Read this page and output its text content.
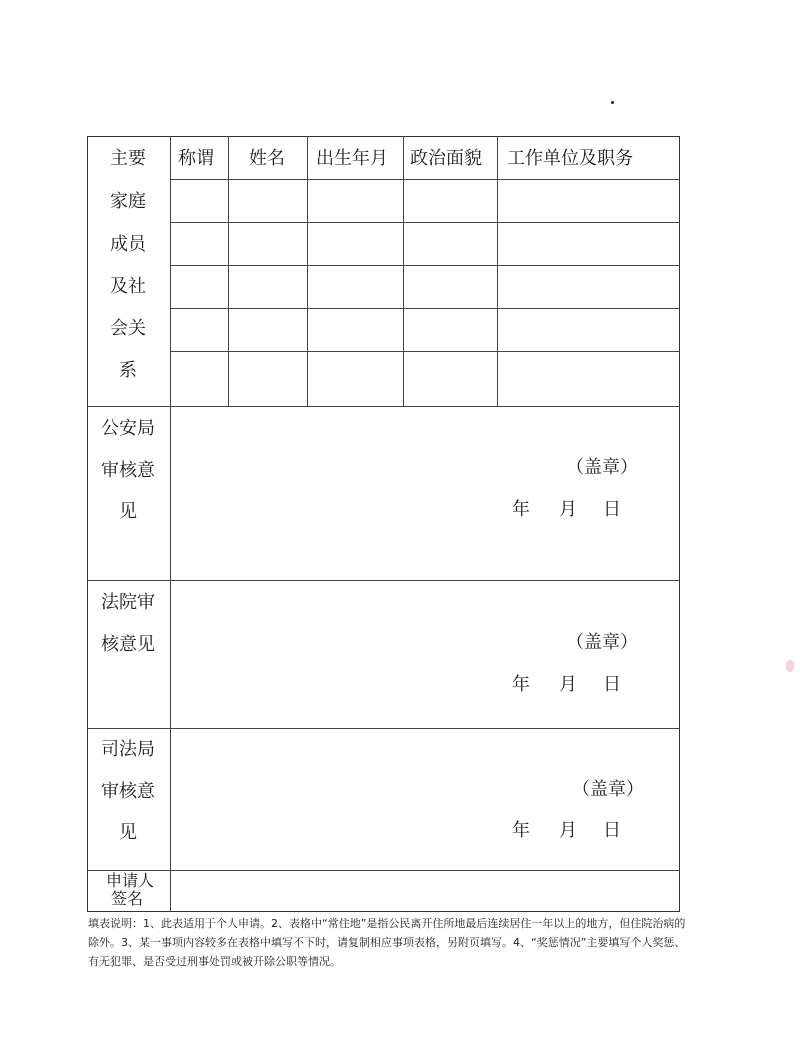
主要
家庭
成员
及社
会关
系
称谓 姓名 出生年月 政治面貌 工作单位及职务
公安局
审核意
见
（盖章）
年 月 日
法院审
核意见	（盖章）
年 月 日
司法局
审核意
见
（盖章）
年 月 日
申请人
签名
填表说明：1、此表适用于个人申请。2、表格中“常住地”是指公民离开住所地最后连续居住一年以上的地方，但住院治病的除外。3、某一事项内容较多在表格中填写不下时，请复制相应事项表格，另附页填写。4、“奖惩情况”主要填写个人奖惩、有无犯罪、是否受过刑事处罚或被开除公职等情况。
